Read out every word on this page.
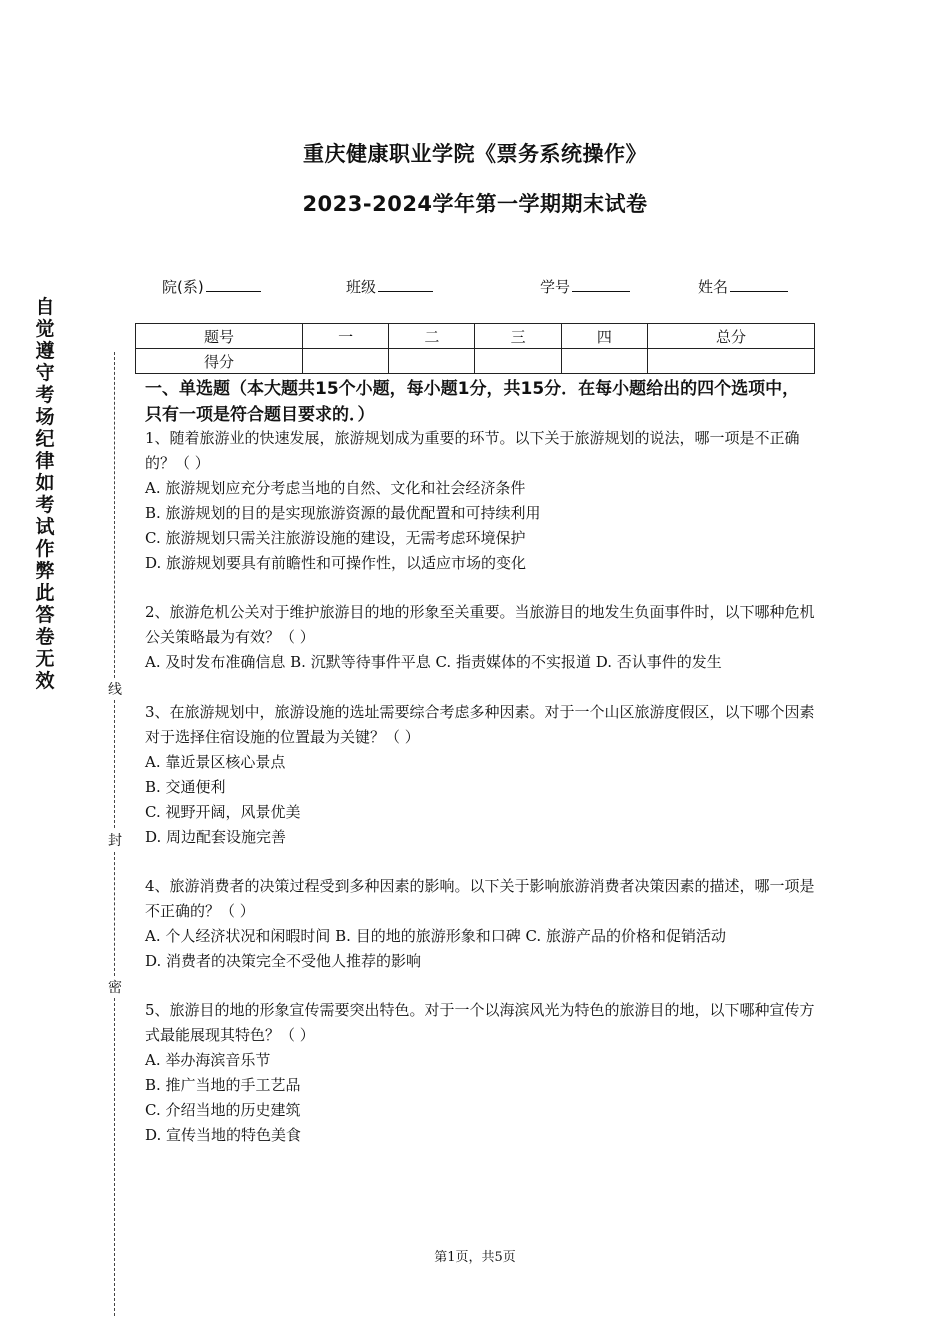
重庆健康职业学院《票务系统操作》
2023-2024学年第一学期期末试卷
院(系)	班级	学号	姓名
题号	一	二	三	四	总分
得分					
自觉遵守考场纪律如考试作弊此答卷无效	线
封
密
一、单选题（本大题共15个小题，每小题1分，共15分．在每小题给出的四个选项中，只有一项是符合题目要求的．）

1、随着旅游业的快速发展，旅游规划成为重要的环节。以下关于旅游规划的说法，哪一项是不正确的？（ ）

A. 旅游规划应充分考虑当地的自然、文化和社会经济条件

B. 旅游规划的目的是实现旅游资源的最优配置和可持续利用

C. 旅游规划只需关注旅游设施的建设，无需考虑环境保护

D. 旅游规划要具有前瞻性和可操作性，以适应市场的变化

2、旅游危机公关对于维护旅游目的地的形象至关重要。当旅游目的地发生负面事件时，以下哪种危机公关策略最为有效？（ ）

A. 及时发布准确信息 B. 沉默等待事件平息 C. 指责媒体的不实报道 D. 否认事件的发生

3、在旅游规划中，旅游设施的选址需要综合考虑多种因素。对于一个山区旅游度假区，以下哪个因素对于选择住宿设施的位置最为关键？（ ）

A. 靠近景区核心景点

B. 交通便利

C. 视野开阔，风景优美

D. 周边配套设施完善

4、旅游消费者的决策过程受到多种因素的影响。以下关于影响旅游消费者决策因素的描述，哪一项是不正确的？（ ）

A. 个人经济状况和闲暇时间 B. 目的地的旅游形象和口碑 C. 旅游产品的价格和促销活动

D. 消费者的决策完全不受他人推荐的影响

5、旅游目的地的形象宣传需要突出特色。对于一个以海滨风光为特色的旅游目的地，以下哪种宣传方式最能展现其特色？（ ）

A. 举办海滨音乐节

B. 推广当地的手工艺品

C. 介绍当地的历史建筑

D. 宣传当地的特色美食

第1页，共5页
